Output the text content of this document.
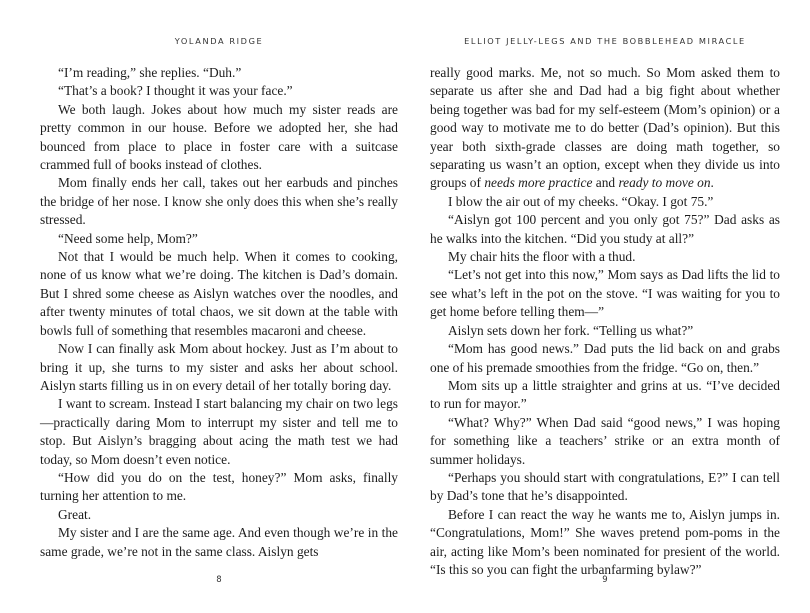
YOLANDA RIDGE

“I’m reading,” she replies. “Duh.”

“That’s a book? I thought it was your face.”

We both laugh. Jokes about how much my sister reads are pretty common in our house. Before we adopted her, she had bounced from place to place in foster care with a suitcase crammed full of books instead of clothes.

Mom finally ends her call, takes out her earbuds and pinches the bridge of her nose. I know she only does this when she’s really stressed.

“Need some help, Mom?”

Not that I would be much help. When it comes to cooking, none of us know what we’re doing. The kitchen is Dad’s domain. But I shred some cheese as Aislyn watches over the noodles, and after twenty minutes of total chaos, we sit down at the table with bowls full of something that resembles macaroni and cheese.

Now I can finally ask Mom about hockey. Just as I’m about to bring it up, she turns to my sister and asks her about school. Aislyn starts filling us in on every detail of her totally boring day.

I want to scream. Instead I start balancing my chair on two legs—practically daring Mom to interrupt my sister and tell me to stop. But Aislyn’s bragging about acing the math test we had today, so Mom doesn’t even notice.

“How did you do on the test, honey?” Mom asks, finally turning her attention to me.

Great.

My sister and I are the same age. And even though we’re in the same grade, we’re not in the same class. Aislyn gets

8
ELLIOT JELLY-LEGS AND THE BOBBLEHEAD MIRACLE

really good marks. Me, not so much. So Mom asked them to separate us after she and Dad had a big fight about whether being together was bad for my self-esteem (Mom’s opinion) or a good way to motivate me to do better (Dad’s opinion). But this year both sixth-grade classes are doing math together, so separating us wasn’t an option, except when they divide us into groups of needs more practice and ready to move on.

I blow the air out of my cheeks. “Okay. I got 75.”

“Aislyn got 100 percent and you only got 75?” Dad asks as he walks into the kitchen. “Did you study at all?”

My chair hits the floor with a thud.

“Let’s not get into this now,” Mom says as Dad lifts the lid to see what’s left in the pot on the stove. “I was waiting for you to get home before telling them—”

Aislyn sets down her fork. “Telling us what?”

“Mom has good news.” Dad puts the lid back on and grabs one of his premade smoothies from the fridge. “Go on, then.”

Mom sits up a little straighter and grins at us. “I’ve decided to run for mayor.”

“What? Why?” When Dad said “good news,” I was hoping for something like a teachers’ strike or an extra month of summer holidays.

“Perhaps you should start with congratulations, E?” I can tell by Dad’s tone that he’s disappointed.

Before I can react the way he wants me to, Aislyn jumps in. “Congratulations, Mom!” She waves pretend pom-poms in the air, acting like Mom’s been nominated for presient of the world. “Is this so you can fight the urbanfarming bylaw?”

9
